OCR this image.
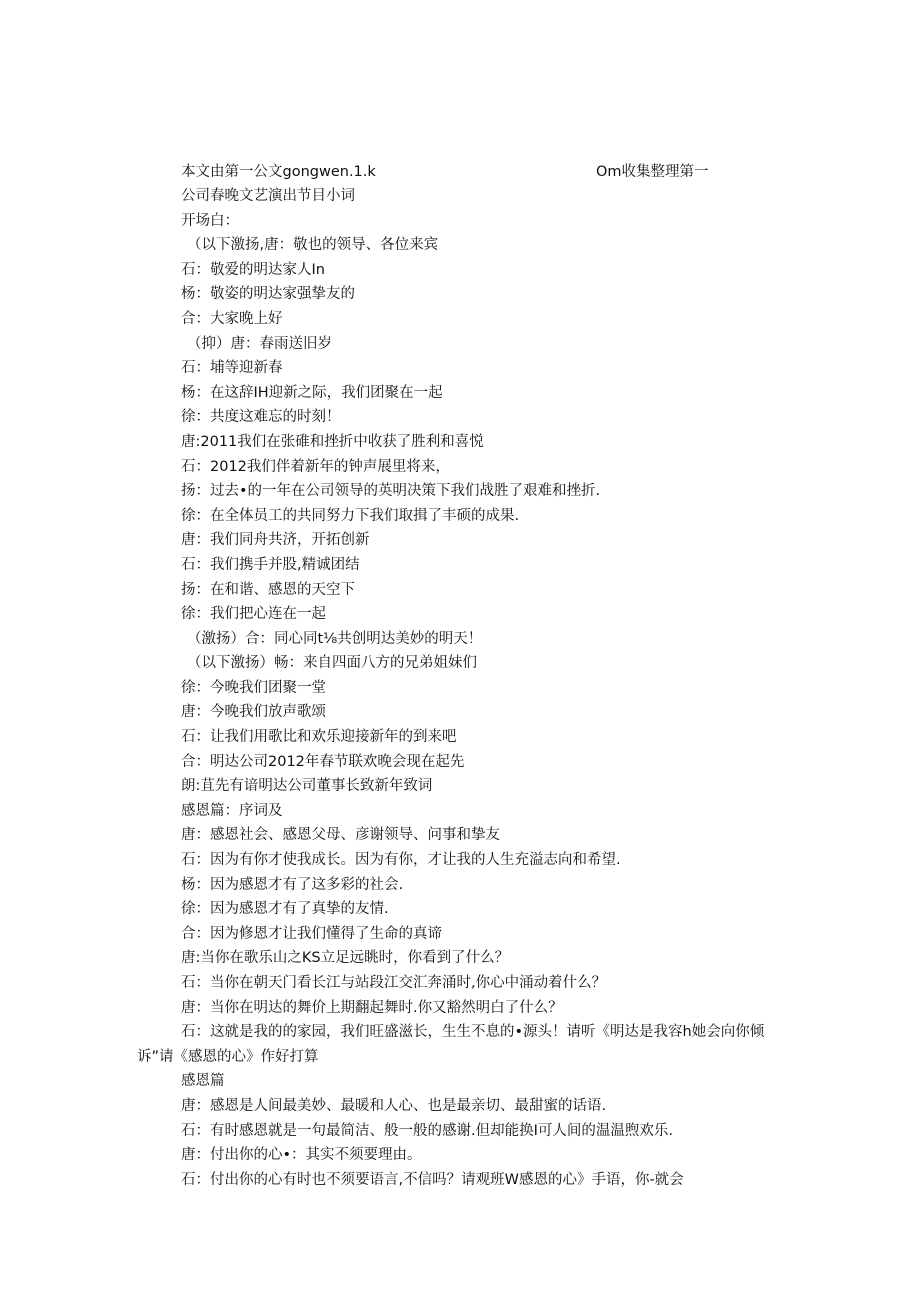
本文由第一公文gongwen.1.k	Om收集整理第一
公司春晚文艺演出节目小词
开场白：
（以下激扬,唐：敬也的领导、各位来宾
石：敬爱的明达家人In
杨：敬姿的明达家强挚友的
合：大家晚上好
（抑）唐：春雨送旧岁
石：埔等迎新春
杨：在这辞IH迎新之际，我们团聚在一起
徐：共度这难忘的时刻！
唐:2011我们在张碓和挫折中收获了胜利和喜悦
石：2012我们伴着新年的钟声展里将来，
扬：过去•的一年在公司领导的英明决策下我们战胜了艰难和挫折.
徐：在全体员工的共同努力下我们取揖了丰硕的成果.
唐：我们同舟共济，开拓创新
石：我们携手并股,精诚团结
扬：在和谐、感恩的天空下
徐：我们把心连在一起
（激扬）合：同心同t⅛共创明达美妙的明天！
（以下激扬）畅：来自四面八方的兄弟姐妹们
徐：今晚我们团聚一堂
唐：今晚我们放声歌颂
石：让我们用歌比和欢乐迎接新年的到来吧
合：明达公司2012年春节联欢晚会现在起先
朗:苴先有谙明达公司董事长致新年致词
感恩篇：序词及
唐：感恩社会、感恩父母、彦谢领导、问事和挚友
石：因为有你才使我成长。因为有你，才让我的人生充溢志向和希望.
杨：因为感恩才有了这多彩的社会.
徐：因为感恩才有了真挚的友情.
合：因为修恩才让我们懂得了生命的真谛
唐:当你在歌乐山之KS立足远眺时，你看到了什么？
石：当你在朝天门看长江与站段江交汇奔涌时,你心中涌动着什么？
唐：当你在明达的舞价上期翻起舞时.你又豁然明白了什么？
石：这就是我的的家园，我们旺盛滋长，生生不息的•源头！请听《明达是我容h她会向你倾诉”请《感恩的心》作好打算
感恩篇
唐：感恩是人间最美妙、最暖和人心、也是最亲切、最甜蜜的话语.
石：有时感恩就是一句最简洁、般一般的感谢.但却能换I可人间的温温煦欢乐.
唐：付出你的心•：其实不须要理由。
石：付出你的心有时也不须要语言,不信吗？请观班W感恩的心》手语，你-就会
